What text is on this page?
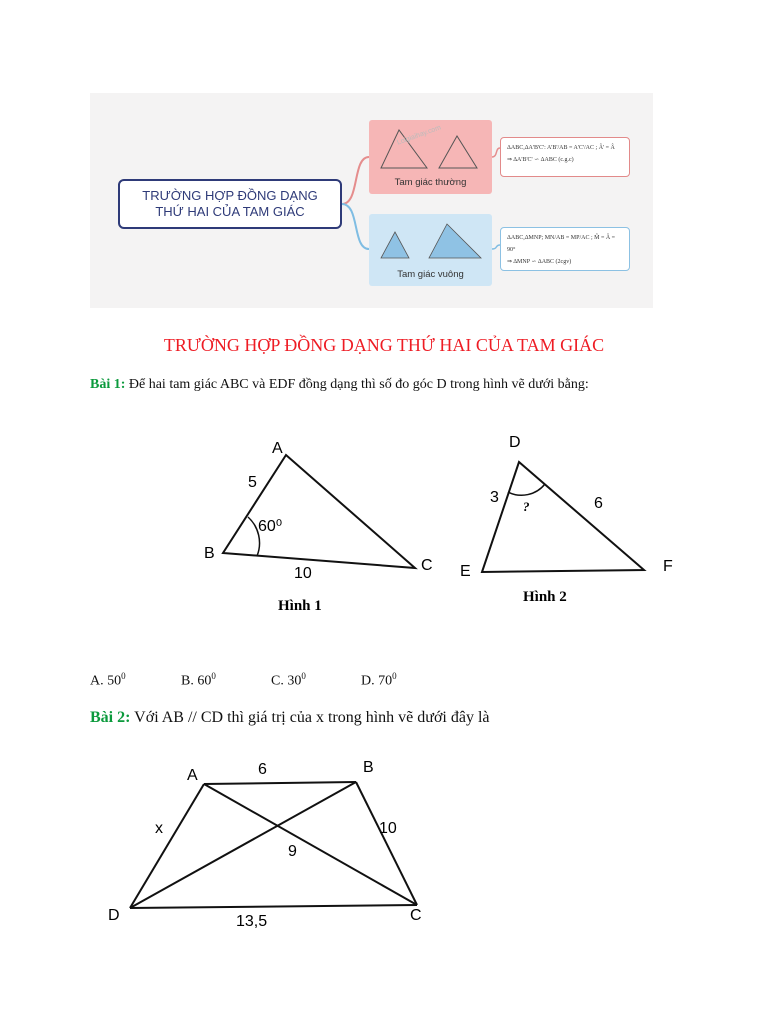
TRƯỜNG HỢP ĐỒNG DẠNG
THỨ HAI CỦA TAM GIÁC
Tam giác thường
Tam giác vuông
ΔABC,ΔA'B'C': A'B'/AB = A'C'/AC ; Â' = Â
⇒ ΔA'B'C' ∽ ΔABC (c.g.c)
ΔABC,ΔMNP; MN/AB = MP/AC ; M̂ = Â = 90°
⇒ ΔMNP ∽ ΔABC (2cgv)
Loigiaihay.com
TRƯỜNG HỢP ĐỒNG DẠNG THỨ HAI CỦA TAM GIÁC
Bài 1: Để hai tam giác ABC và EDF đồng dạng thì số đo góc D trong hình vẽ dưới bằng:
A
B
C
5
10
60⁰
Hình 1
D
E	F
3	6
?
Hình 2
A. $50^0$	B. $60^0$	C. $30^0$	D. $70^0$
Bài 2: Với AB // CD thì giá trị của x trong hình vẽ dưới đây là
A	B
C
D
6
x	10
9
13,5
